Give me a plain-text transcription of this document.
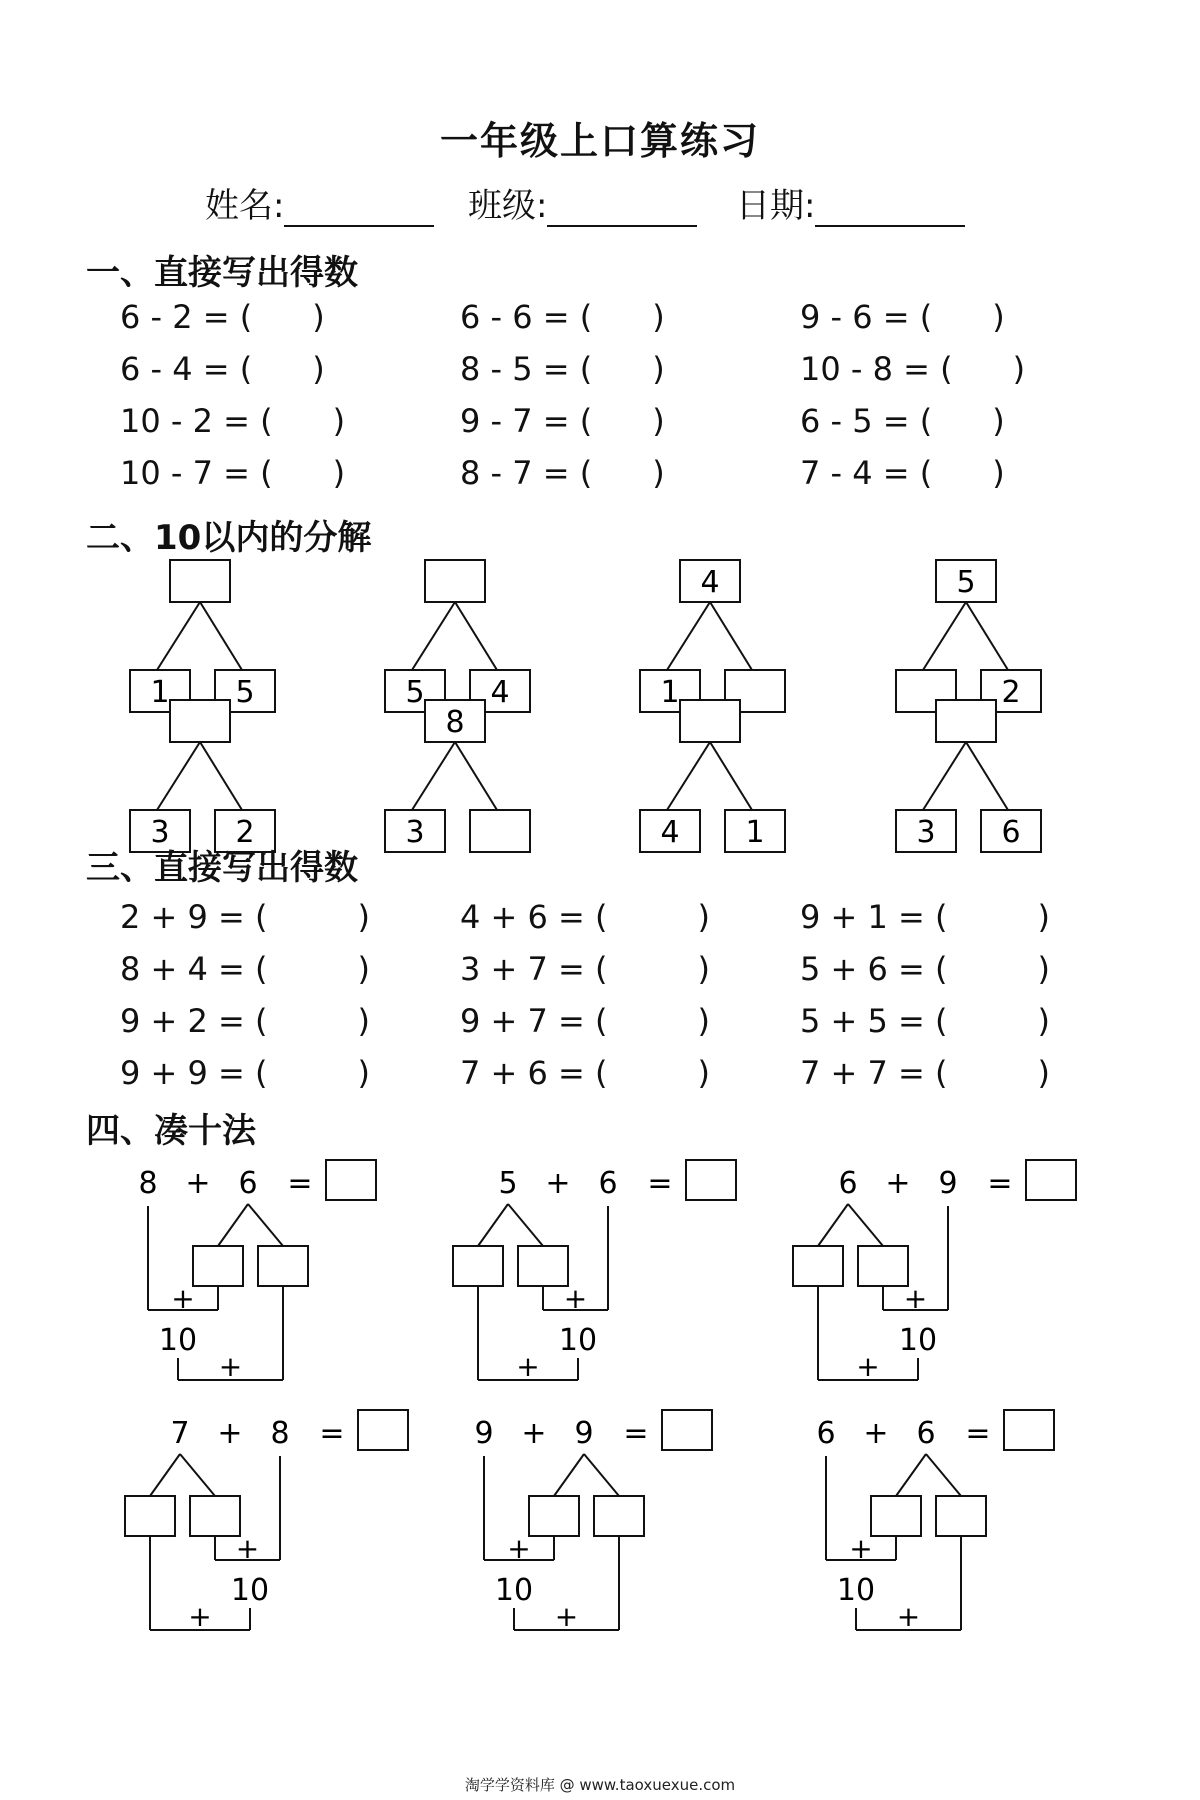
一年级上口算练习
姓名:	班级:	日期:
一、直接写出得数
6 - 2 = ( )	6 - 6 = ( )	9 - 6 = ( )
6 - 4 = ( )	8 - 5 = ( )	10 - 8 = ( )
10 - 2 = ( )	9 - 7 = ( )	6 - 5 = ( )
10 - 7 = ( )	8 - 7 = ( )	7 - 4 = ( )
二、10以内的分解
1 5	5 4
4
1
5
2
3 2
8
3	4 1	3 6
三、直接写出得数
2 + 9 = (	)	4 + 6 = (	)	9 + 1 = (	)
8 + 4 = (	)	3 + 7 = (	)	5 + 6 = (	)
9 + 2 = (	)	9 + 7 = (	)	5 + 5 = (	)
9 + 9 = (	)	7 + 6 = (	)	7 + 7 = (	)
四、凑十法
8 + 6 =
+
10
+
5 + 6 =
+
10
+
6 + 9 =
+
10
+
7 + 8 =
+
10
+
9 + 9 =
+
10
+
6 + 6 =
+
10
+
淘学学资料库 @ www.taoxuexue.com
